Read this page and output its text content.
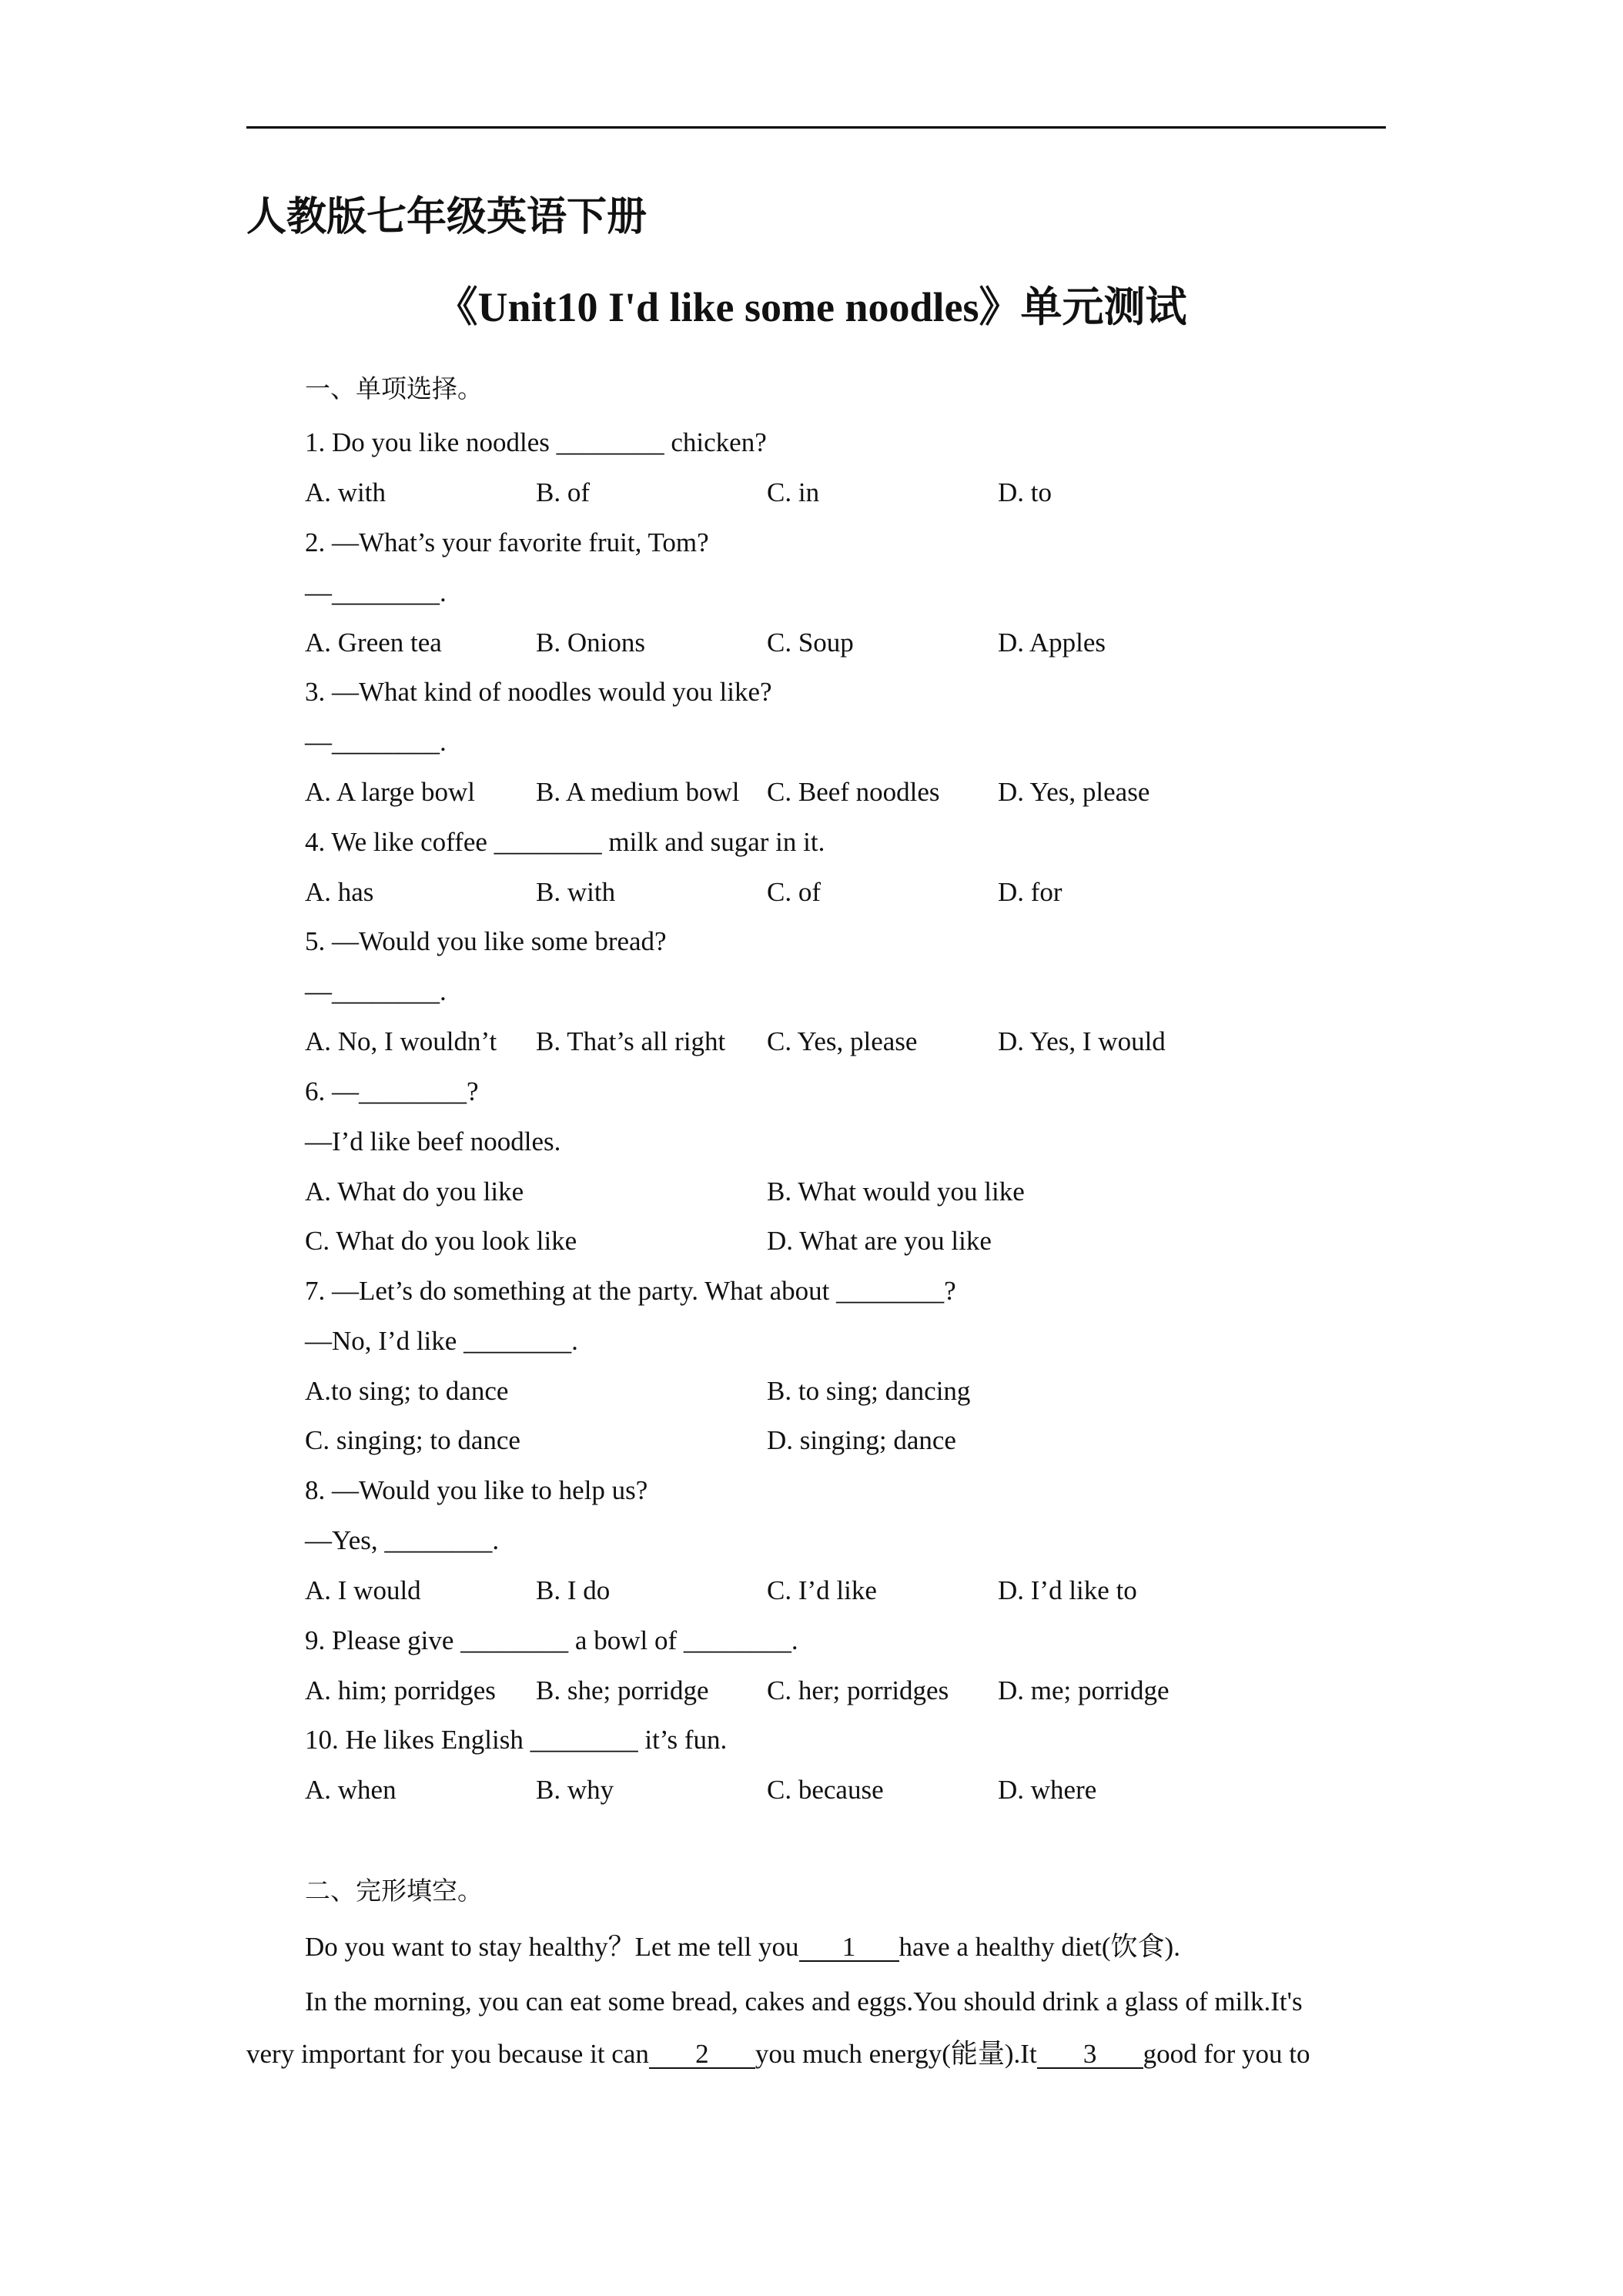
人教版七年级英语下册
《Unit10 I'd like some noodles》单元测试
一、单项选择。
1. Do you like noodles ________ chicken?

A. with

	B. of

	C. in

	D. to

2. —What’s your favorite fruit, Tom?
—________.

A. Green tea

	B. Onions

	C. Soup

	D. Apples

3. —What kind of noodles would you like?
—________.

A. A large bowl

B. A medium bowl

C. Beef noodles

D. Yes, please

4. We like coffee ________ milk and sugar in it.

A. has

	B. with

	C. of

	D. for

5. —Would you like some bread?
—________.

A. No, I wouldn’t

B. That’s all right

C. Yes, please

	D. Yes, I would

6. —________?
—I’d like beef noodles.

A. What do you like

	B. What would you like

C. What do you look like

	D. What are you like

7. —Let’s do something at the party. What about ________?
—No, I’d like ________.

A.to sing; to dance

	B. to sing; dancing

C. singing; to dance

	D. singing; dance

8. —Would you like to help us?
—Yes, ________.

A. I would

	B. I do

	C. I’d like

	D. I’d like to

9. Please give ________ a bowl of ________.

A. him; porridges

B. she; porridge

C. her; porridges

D. me; porridge

10. He likes English ________ it’s fun.

A. when

	B. why

	C. because

	D. where

二、完形填空。
Do you want to stay healthy？Let me tell you 1 have a healthy diet(饮食).
In the morning, you can eat some bread, cakes and eggs.You should drink a glass of milk.It's
very important for you because it can 2 you much energy(能量).It 3 good for you to
